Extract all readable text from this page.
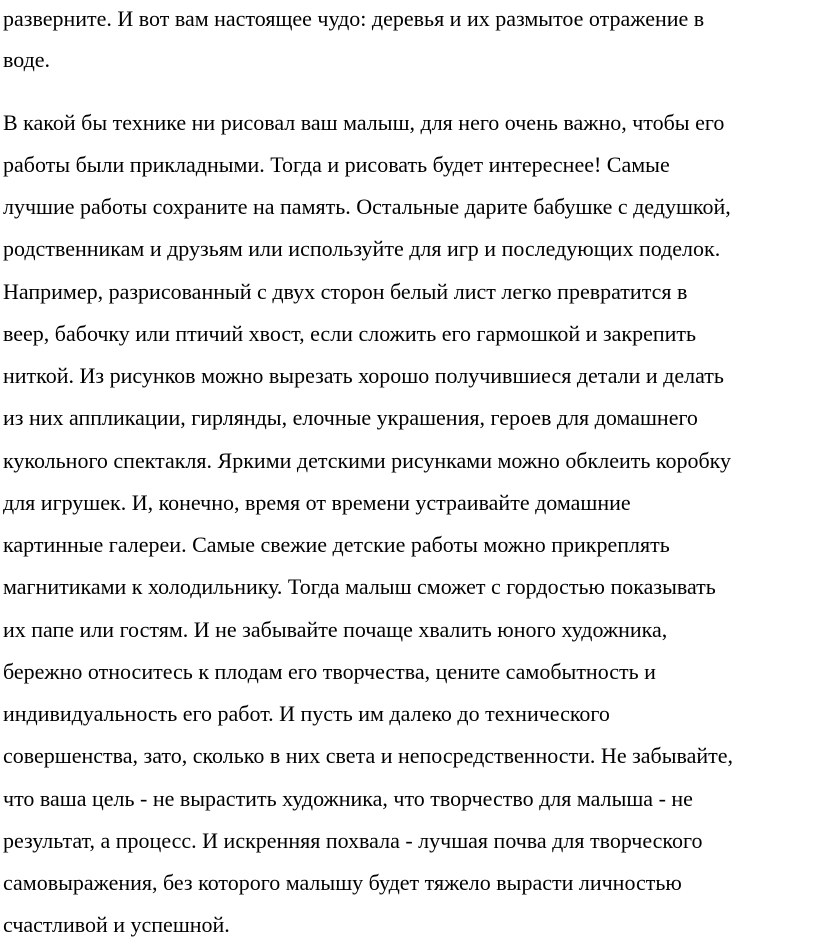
разверните. И вот вам настоящее чудо: деревья и их размытое отражение в
воде.
В какой бы технике ни рисовал ваш малыш, для него очень важно, чтобы его
работы были прикладными. Тогда и рисовать будет интереснее! Самые
лучшие работы сохраните на память. Остальные дарите бабушке с дедушкой,
родственникам и друзьям или используйте для игр и последующих поделок.
Например, разрисованный с двух сторон белый лист легко превратится в
веер, бабочку или птичий хвост, если сложить его гармошкой и закрепить
ниткой. Из рисунков можно вырезать хорошо получившиеся детали и делать
из них аппликации, гирлянды, елочные украшения, героев для домашнего
кукольного спектакля. Яркими детскими рисунками можно обклеить коробку
для игрушек. И, конечно, время от времени устраивайте домашние
картинные галереи. Самые свежие детские работы можно прикреплять
магнитиками к холодильнику. Тогда малыш сможет с гордостью показывать
их папе или гостям. И не забывайте почаще хвалить юного художника,
бережно относитесь к плодам его творчества, цените самобытность и
индивидуальность его работ. И пусть им далеко до технического
совершенства, зато, сколько в них света и непосредственности. Не забывайте,
что ваша цель - не вырастить художника, что творчество для малыша - не
результат, а процесс. И искренняя похвала - лучшая почва для творческого
самовыражения, без которого малышу будет тяжело вырасти личностью
счастливой и успешной.
